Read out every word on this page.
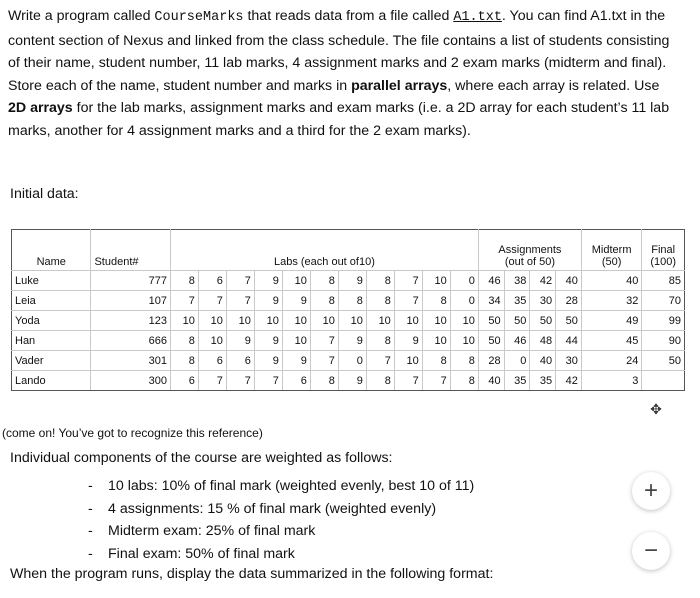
Write a program called CourseMarks that reads data from a file called A1.txt. You can find A1.txt in the content section of Nexus and linked from the class schedule. The file contains a list of students consisting of their name, student number, 11 lab marks, 4 assignment marks and 2 exam marks (midterm and final). Store each of the name, student number and marks in parallel arrays, where each array is related. Use 2D arrays for the lab marks, assignment marks and exam marks (i.e. a 2D array for each student’s 11 lab marks, another for 4 assignment marks and a third for the 2 exam marks).
Initial data:
Name	Student#	Labs (each out of10)											Assignments
(out of 50)				Midterm
(50)	Final
(100)
Luke	777	8	6	7	9	10	8	9	8	7	10	0	46	38	42	40	40	85
Leia	107	7	7	7	9	9	8	8	8	7	8	0	34	35	30	28	32	70
Yoda	123	10	10	10	10	10	10	10	10	10	10	10	50	50	50	50	49	99
Han	666	8	10	9	9	10	7	9	8	9	10	10	50	46	48	44	45	90
Vader	301	8	6	6	9	9	7	0	7	10	8	8	28	0	40	30	24	50
Lando	300	6	7	7	7	6	8	9	8	7	7	8	40	35	35	42	3	
(come on! You’ve got to recognize this reference)
Individual components of the course are weighted as follows:
- 10 labs: 10% of final mark (weighted evenly, best 10 of 11)
- 4 assignments: 15 % of final mark (weighted evenly)
- Midterm exam: 25% of final mark
- Final exam: 50% of final mark
When the program runs, display the data summarized in the following format:
✥
+
−
